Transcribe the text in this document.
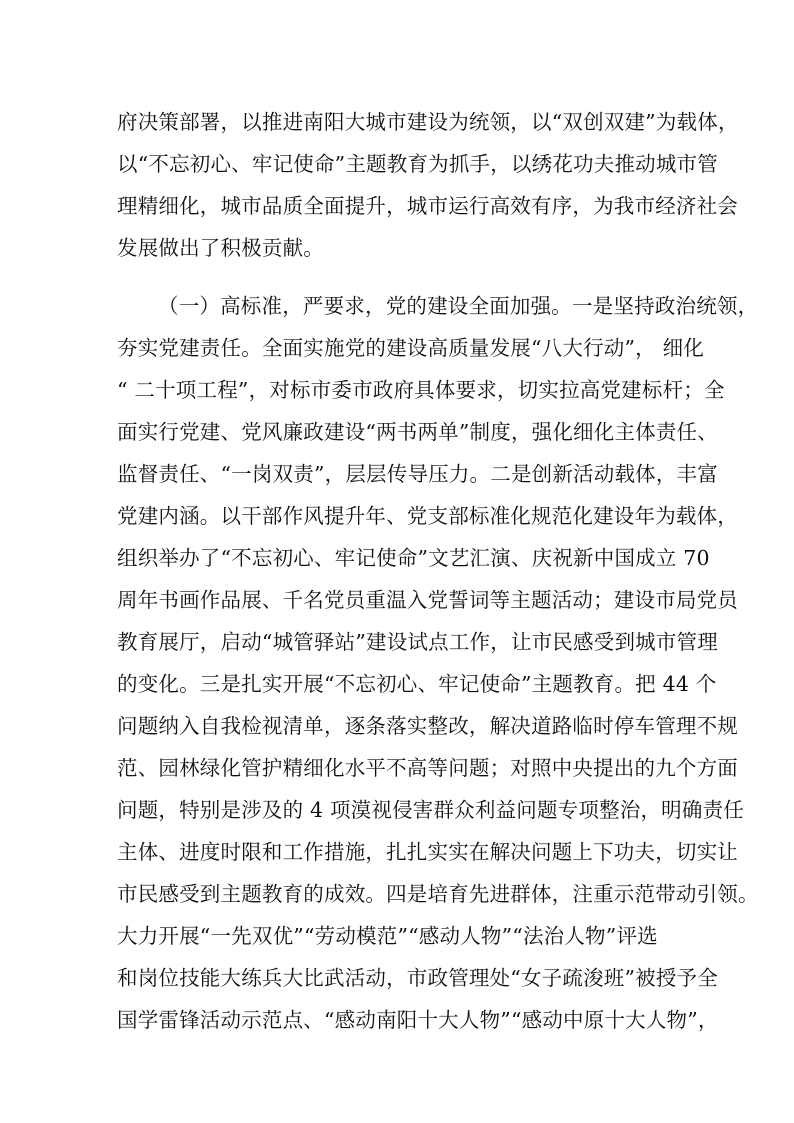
府决策部署，以推进南阳大城市建设为统领，以“双创双建”为载体，
以“不忘初心、牢记使命”主题教育为抓手，以绣花功夫推动城市管
理精细化，城市品质全面提升，城市运行高效有序，为我市经济社会
发展做出了积极贡献。
（一）高标准，严要求，党的建设全面加强。一是坚持政治统领，
夯实党建责任。全面实施党的建设高质量发展“八大行动”， 细化
“ 二十项工程”，对标市委市政府具体要求，切实拉高党建标杆；全
面实行党建、党风廉政建设“两书两单”制度，强化细化主体责任、
监督责任、“一岗双责”，层层传导压力。二是创新活动载体，丰富
党建内涵。以干部作风提升年、党支部标准化规范化建设年为载体，
组织举办了“不忘初心、牢记使命”文艺汇演、庆祝新中国成立 70
周年书画作品展、千名党员重温入党誓词等主题活动；建设市局党员
教育展厅，启动“城管驿站”建设试点工作，让市民感受到城市管理
的变化。三是扎实开展“不忘初心、牢记使命”主题教育。把 44 个
问题纳入自我检视清单，逐条落实整改，解决道路临时停车管理不规
范、园林绿化管护精细化水平不高等问题；对照中央提出的九个方面
问题，特别是涉及的 4 项漠视侵害群众利益问题专项整治，明确责任
主体、进度时限和工作措施，扎扎实实在解决问题上下功夫，切实让
市民感受到主题教育的成效。四是培育先进群体，注重示范带动引领。
大力开展“一先双优”“劳动模范”“感动人物”“法治人物”评选
和岗位技能大练兵大比武活动，市政管理处“女子疏浚班”被授予全
国学雷锋活动示范点、“感动南阳十大人物”“感动中原十大人物”，
